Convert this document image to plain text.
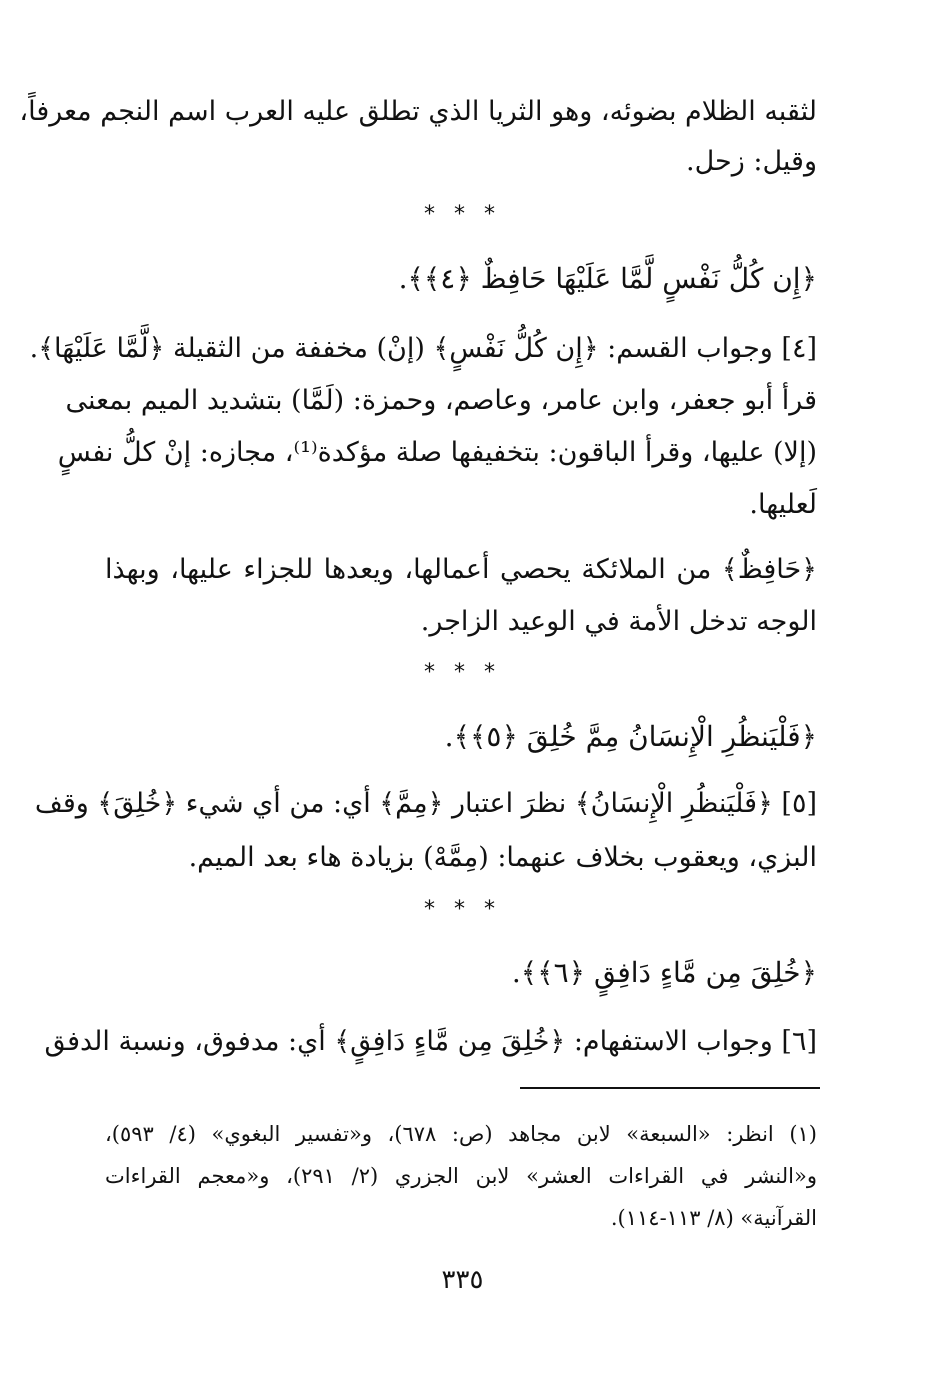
لثقبه الظلام بضوئه، وهو الثريا الذي تطلق عليه العرب اسم النجم معرفاً،
وقيل: زحل.
* * *
﴿إِن كُلُّ نَفْسٍ لَّمَّا عَلَيْهَا حَافِظٌ ﴿٤﴾﴾.
[٤] وجواب القسم: ﴿إِن كُلُّ نَفْسٍ﴾ (إنْ) مخففة من الثقيلة ﴿لَّمَّا عَلَيْهَا﴾.
قرأ أبو جعفر، وابن عامر، وعاصم، وحمزة: (لَمَّا) بتشديد الميم بمعنى
(إلا) عليها، وقرأ الباقون: بتخفيفها صلة مؤكدة⁽¹⁾، مجازه: إنْ كلُّ نفسٍ
لَعليها.
﴿حَافِظٌ﴾ من الملائكة يحصي أعمالها، ويعدها للجزاء عليها، وبهذا
الوجه تدخل الأمة في الوعيد الزاجر.
* * *
﴿فَلْيَنظُرِ الْإِنسَانُ مِمَّ خُلِقَ ﴿٥﴾﴾.
[٥] ﴿فَلْيَنظُرِ الْإِنسَانُ﴾ نظرَ اعتبار ﴿مِمَّ﴾ أي: من أي شيء ﴿خُلِقَ﴾ وقف
البزي، ويعقوب بخلاف عنهما: (مِمَّهْ) بزيادة هاء بعد الميم.
* * *
﴿خُلِقَ مِن مَّاءٍ دَافِقٍ ﴿٦﴾﴾.
[٦] وجواب الاستفهام: ﴿خُلِقَ مِن مَّاءٍ دَافِقٍ﴾ أي: مدفوق، ونسبة الدفق
(١) انظر: «السبعة» لابن مجاهد (ص: ٦٧٨)، و«تفسير البغوي» (٤/ ٥٩٣)،
و«النشر في القراءات العشر» لابن الجزري (٢/ ٢٩١)، و«معجم القراءات
القرآنية» (٨/ ١١٣-١١٤).
٣٣٥
